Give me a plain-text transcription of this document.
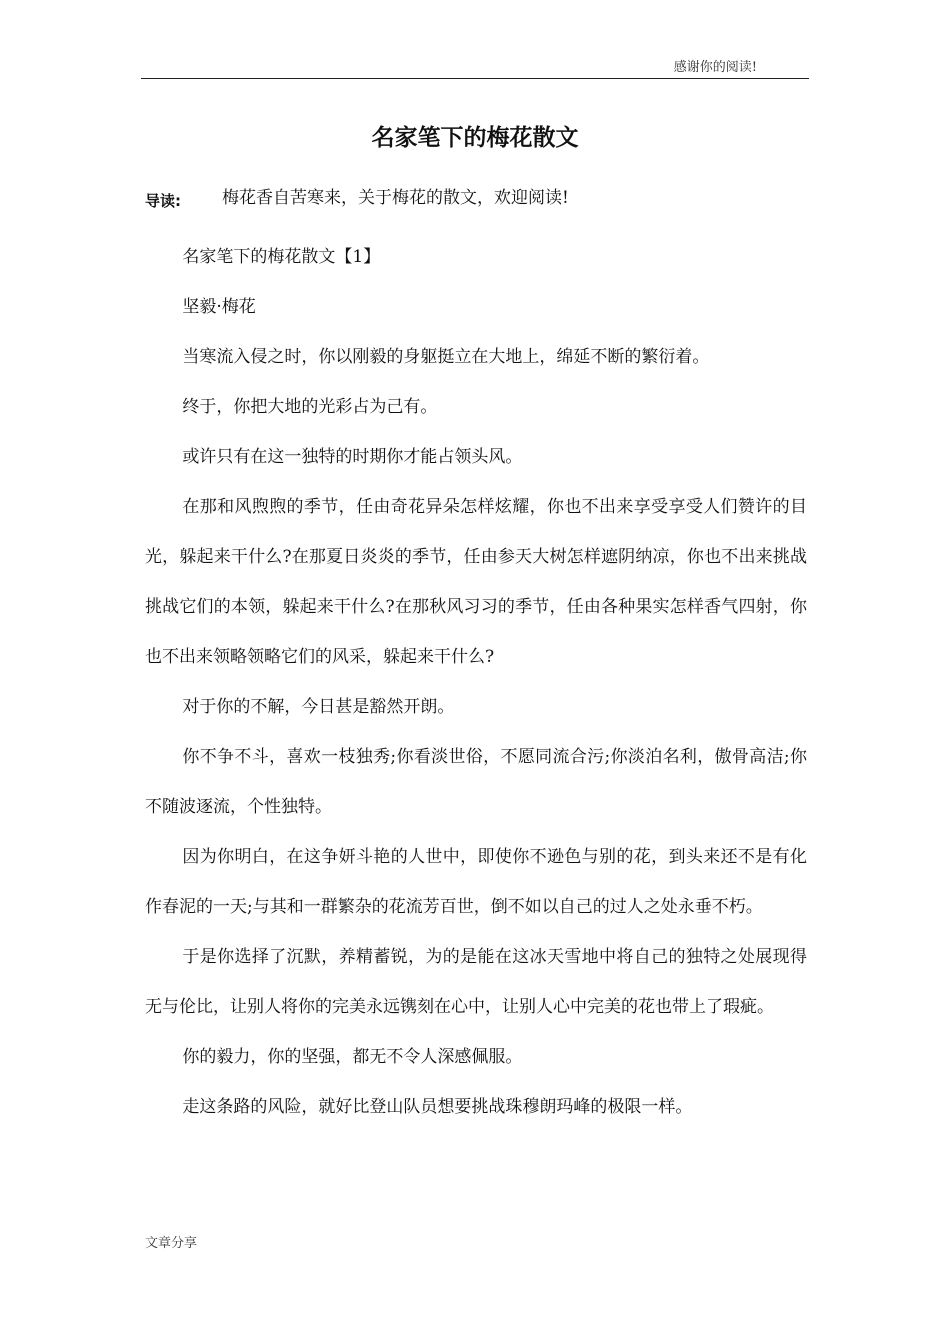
感谢你的阅读!
名家笔下的梅花散文
导读: 梅花香自苦寒来，关于梅花的散文，欢迎阅读!

名家笔下的梅花散文【1】

坚毅·梅花

当寒流入侵之时，你以刚毅的身躯挺立在大地上，绵延不断的繁衍着。

终于，你把大地的光彩占为己有。

或许只有在这一独特的时期你才能占领头风。

在那和风煦煦的季节，任由奇花异朵怎样炫耀，你也不出来享受享受人们赞许的目光，躲起来干什么?在那夏日炎炎的季节，任由参天大树怎样遮阴纳凉，你也不出来挑战挑战它们的本领，躲起来干什么?在那秋风习习的季节，任由各种果实怎样香气四射，你也不出来领略领略它们的风采，躲起来干什么?

对于你的不解，今日甚是豁然开朗。

你不争不斗，喜欢一枝独秀;你看淡世俗，不愿同流合污;你淡泊名利，傲骨高洁;你不随波逐流，个性独特。

因为你明白，在这争妍斗艳的人世中，即使你不逊色与别的花，到头来还不是有化作春泥的一天;与其和一群繁杂的花流芳百世，倒不如以自己的过人之处永垂不朽。

于是你选择了沉默，养精蓄锐，为的是能在这冰天雪地中将自己的独特之处展现得无与伦比，让别人将你的完美永远镌刻在心中，让别人心中完美的花也带上了瑕疵。

你的毅力，你的坚强，都无不令人深感佩服。

走这条路的风险，就好比登山队员想要挑战珠穆朗玛峰的极限一样。

文章分享
